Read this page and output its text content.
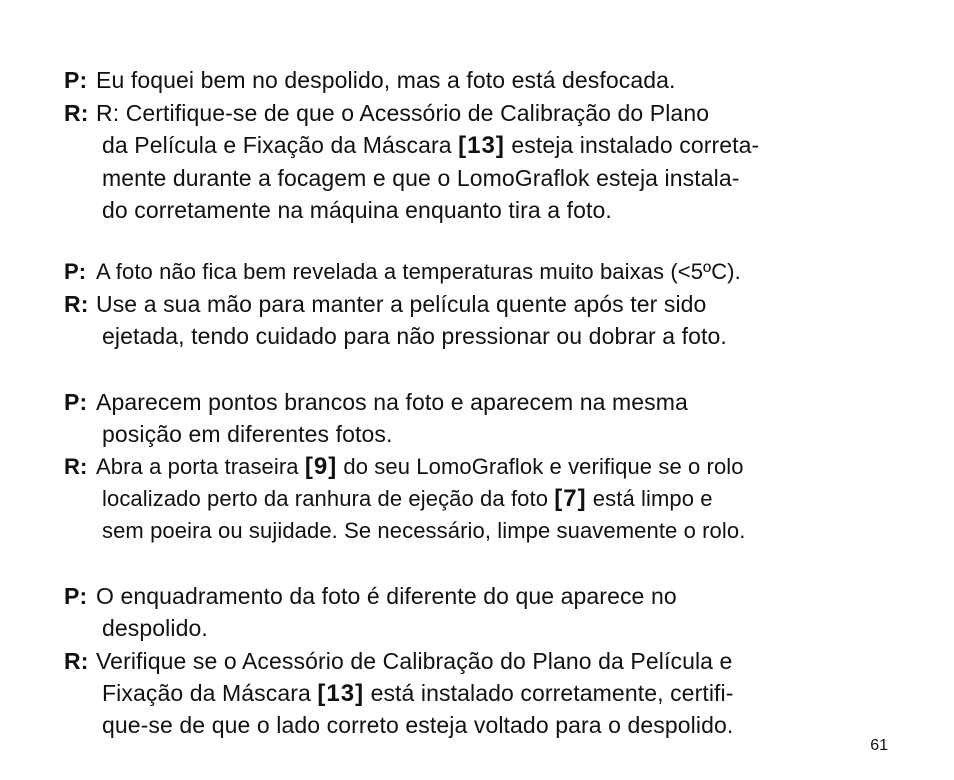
P: Eu foquei bem no despolido, mas a foto está desfocada.
R: R: Certifique-se de que o Acessório de Calibração do Plano
da Película e Fixação da Máscara [13] esteja instalado correta-
mente durante a focagem e que o LomoGraflok esteja instala-
do corretamente na máquina enquanto tira a foto.
P: A foto não fica bem revelada a temperaturas muito baixas (<5ºC).
R: Use a sua mão para manter a película quente após ter sido
ejetada, tendo cuidado para não pressionar ou dobrar a foto.
P: Aparecem pontos brancos na foto e aparecem na mesma
posição em diferentes fotos.
R: Abra a porta traseira [9] do seu LomoGraflok e verifique se o rolo
localizado perto da ranhura de ejeção da foto [7] está limpo e
sem poeira ou sujidade. Se necessário, limpe suavemente o rolo.
P: O enquadramento da foto é diferente do que aparece no
despolido.
R: Verifique se o Acessório de Calibração do Plano da Película e
Fixação da Máscara [13] está instalado corretamente, certifi-
que-se de que o lado correto esteja voltado para o despolido.
61
